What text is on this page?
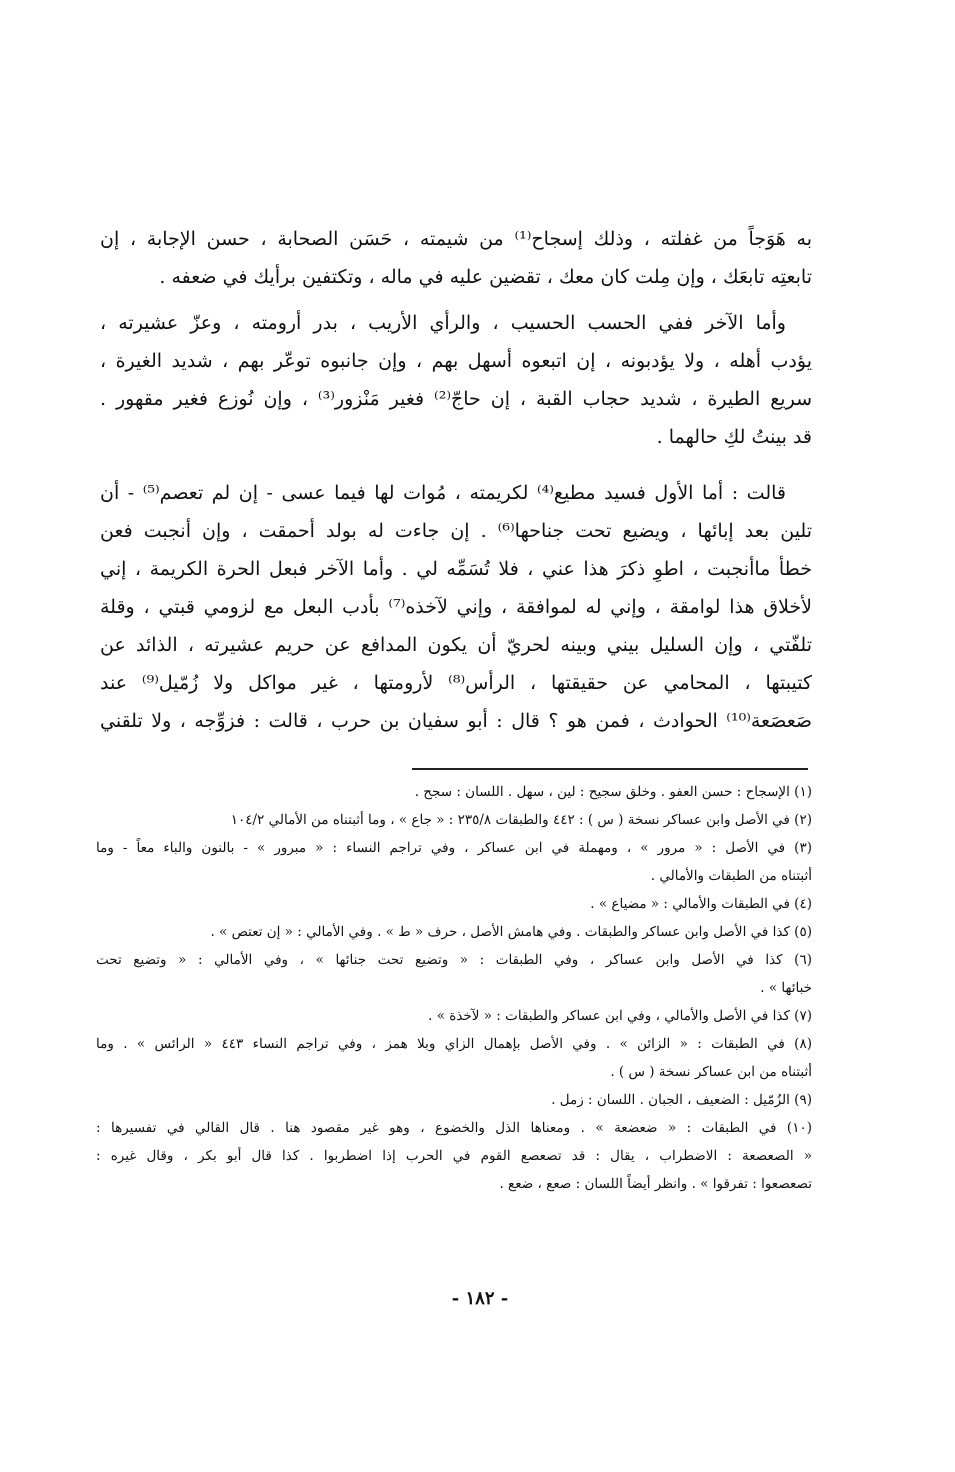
به هَوَجاً من غفلته ، وذلك إسجاح⁽¹⁾ من شيمته ، حَسَن الصحابة ، حسن الإجابة ، إن
تابعتِه تابعَك ، وإن مِلت كان معك ، تقضين عليه في ماله ، وتكتفين برأيك في ضعفه .
وأما الآخر ففي الحسب الحسيب ، والرأي الأريب ، بدر أرومته ، وعزّ عشيرته ،
يؤدب أهله ، ولا يؤدبونه ، إن اتبعوه أسهل بهم ، وإن جانبوه توعّر بهم ، شديد الغيرة ،
سريع الطيرة ، شديد حجاب القبة ، إن حاجّ⁽²⁾ فغير مَنْزور⁽³⁾ ، وإن نُوزع فغير مقهور .
قد بينتُ لكِ حالهما .
قالت : أما الأول فسيد مطيع⁽⁴⁾ لكريمته ، مُوات لها فيما عسى - إن لم تعصم⁽⁵⁾ - أن
تلين بعد إبائها ، ويضيع تحت جناحها⁽⁶⁾ . إن جاءت له بولد أحمقت ، وإن أنجبت فعن
خطأ ماأنجبت ، اطوِ ذكرَ هذا عني ، فلا تُسَمِّه لي . وأما الآخر فبعل الحرة الكريمة ، إني
لأخلاق هذا لوامقة ، وإني له لموافقة ، وإني لآخذه⁽⁷⁾ بأدب البعل مع لزومي قبتي ، وقلة
تلفّتي ، وإن السليل بيني وبينه لحريّ أن يكون المدافع عن حريم عشيرته ، الذائد عن
كتيبتها ، المحامي عن حقيقتها ، الرأس⁽⁸⁾ لأرومتها ، غير مواكل ولا زُمّيل⁽⁹⁾ عند
صَعصَعة⁽¹⁰⁾ الحوادث ، فمن هو ؟ قال : أبو سفيان بن حرب ، قالت : فزوِّجه ، ولا تلقني
(١) الإسجاح : حسن العفو . وخلق سجيح : لين ، سهل . اللسان : سجح .
(٢) في الأصل وابن عساكر نسخة ( س ) : ٤٤٢ والطبقات ٢٣٥/٨ : « جاع » ، وما أثبتناه من الأمالي ١٠٤/٢
(٣) في الأصل : « مرور » ، ومهملة في ابن عساكر ، وفي تراجم النساء : « مبرور » - بالنون والباء معاً - وما
أثبتناه من الطبقات والأمالي .
(٤) في الطبقات والأمالي : « مضياع » .
(٥) كذا في الأصل وابن عساكر والطبقات . وفي هامش الأصل ، حرف « ط » . وفي الأمالي : « إن تعتص » .
(٦) كذا في الأصل وابن عساكر ، وفي الطبقات : « وتضيع تحت جنائها » ، وفي الأمالي : « وتضيع تحت
خبائها » .
(٧) كذا في الأصل والأمالي ، وفي ابن عساكر والطبقات : « لآخذة » .
(٨) في الطبقات : « الزائن » . وفي الأصل بإهمال الزاي وبلا همز ، وفي تراجم النساء ٤٤٣ « الرائس » . وما
أثبتناه من ابن عساكر نسخة ( س ) .
(٩) الزُمّيل : الضعيف ، الجبان . اللسان : زمل .
(١٠) في الطبقات : « ضعضعة » . ومعناها الذل والخضوع ، وهو غير مقصود هنا . قال القالي في تفسيرها :
« الصعصعة : الاضطراب ، يقال : قد تصعصع القوم في الحرب إذا اضطربوا . كذا قال أبو بكر ، وقال غيره :
تصعصعوا : تفرقوا » . وانظر أيضاً اللسان : صعع ، ضعع .
- ١٨٢ -
